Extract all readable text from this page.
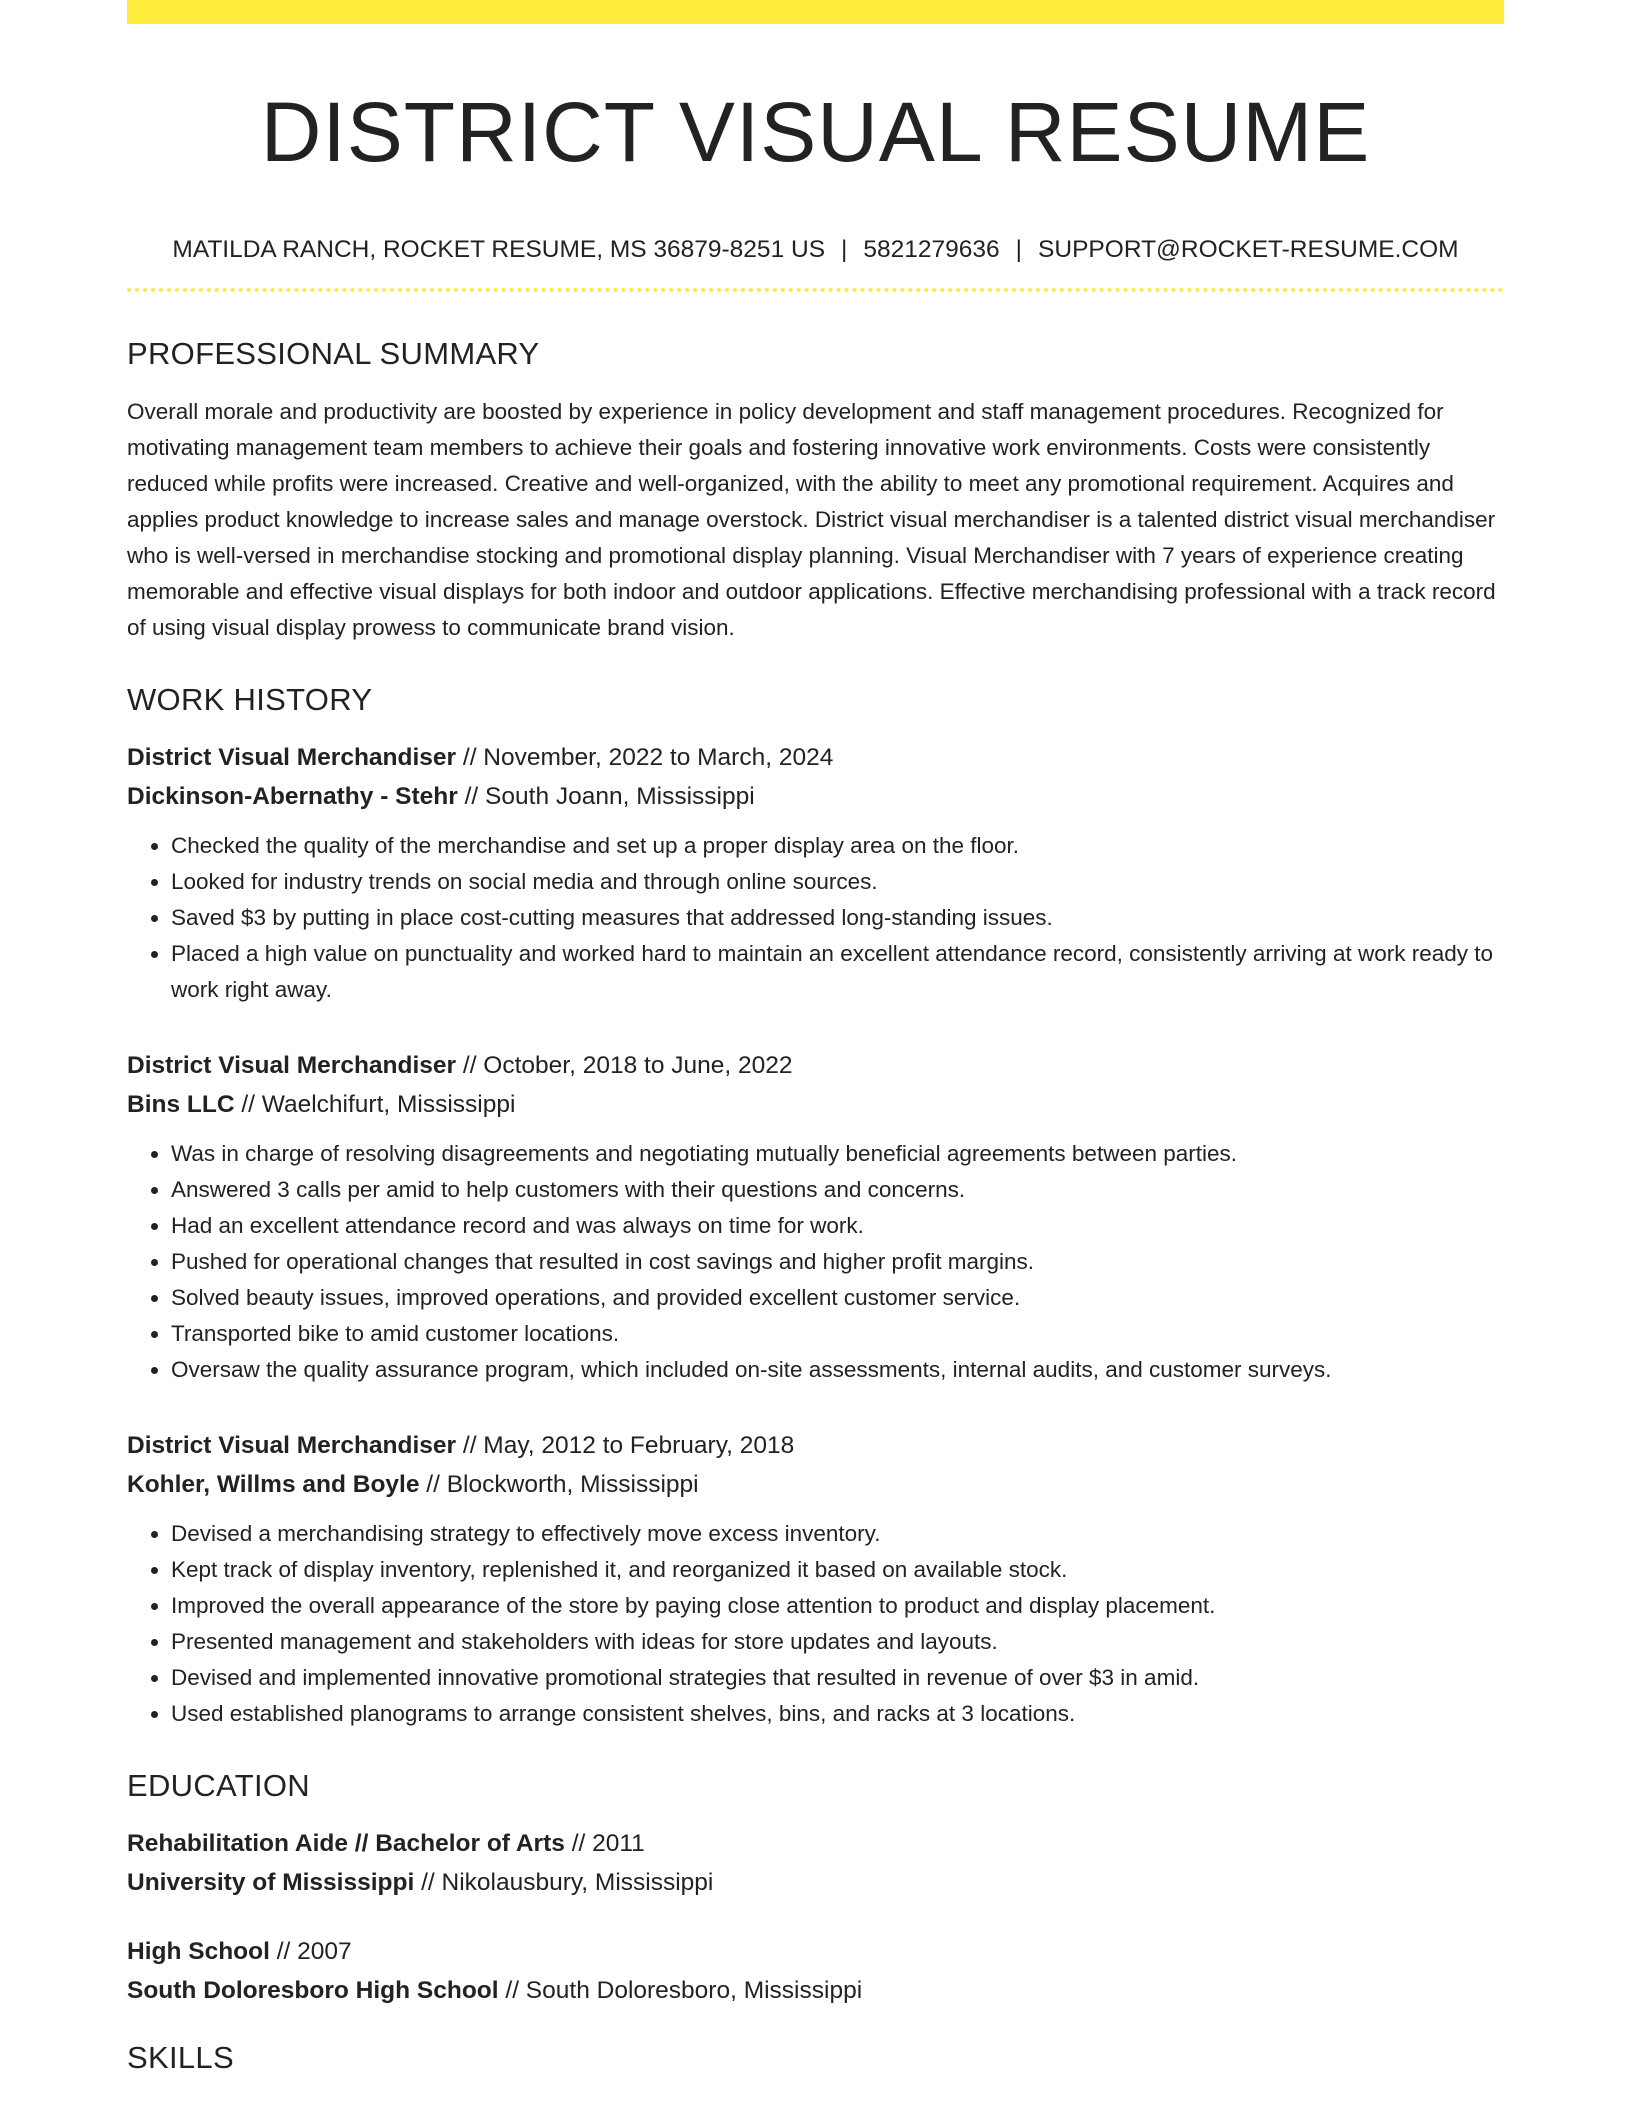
DISTRICT VISUAL RESUME
MATILDA RANCH, ROCKET RESUME, MS 36879-8251 US | 5821279636 | SUPPORT@ROCKET-RESUME.COM
PROFESSIONAL SUMMARY

Overall morale and productivity are boosted by experience in policy development and staff management procedures. Recognized for motivating management team members to achieve their goals and fostering innovative work environments. Costs were consistently reduced while profits were increased. Creative and well-organized, with the ability to meet any promotional requirement. Acquires and applies product knowledge to increase sales and manage overstock. District visual merchandiser is a talented district visual merchandiser who is well-versed in merchandise stocking and promotional display planning. Visual Merchandiser with 7 years of experience creating memorable and effective visual displays for both indoor and outdoor applications. Effective merchandising professional with a track record of using visual display prowess to communicate brand vision.

WORK HISTORY
District Visual Merchandiser // November, 2022 to March, 2024
Dickinson-Abernathy - Stehr // South Joann, Mississippi
• Checked the quality of the merchandise and set up a proper display area on the floor.
• Looked for industry trends on social media and through online sources.
• Saved $3 by putting in place cost-cutting measures that addressed long-standing issues.
• Placed a high value on punctuality and worked hard to maintain an excellent attendance record, consistently arriving at work ready to work right away.
District Visual Merchandiser // October, 2018 to June, 2022
Bins LLC // Waelchifurt, Mississippi
• Was in charge of resolving disagreements and negotiating mutually beneficial agreements between parties.
• Answered 3 calls per amid to help customers with their questions and concerns.
• Had an excellent attendance record and was always on time for work.
• Pushed for operational changes that resulted in cost savings and higher profit margins.
• Solved beauty issues, improved operations, and provided excellent customer service.
• Transported bike to amid customer locations.
• Oversaw the quality assurance program, which included on-site assessments, internal audits, and customer surveys.
District Visual Merchandiser // May, 2012 to February, 2018
Kohler, Willms and Boyle // Blockworth, Mississippi
• Devised a merchandising strategy to effectively move excess inventory.
• Kept track of display inventory, replenished it, and reorganized it based on available stock.
• Improved the overall appearance of the store by paying close attention to product and display placement.
• Presented management and stakeholders with ideas for store updates and layouts.
• Devised and implemented innovative promotional strategies that resulted in revenue of over $3 in amid.
• Used established planograms to arrange consistent shelves, bins, and racks at 3 locations.
EDUCATION
Rehabilitation Aide // Bachelor of Arts // 2011
University of Mississippi // Nikolausbury, Mississippi
High School // 2007
South Doloresboro High School // South Doloresboro, Mississippi
SKILLS
